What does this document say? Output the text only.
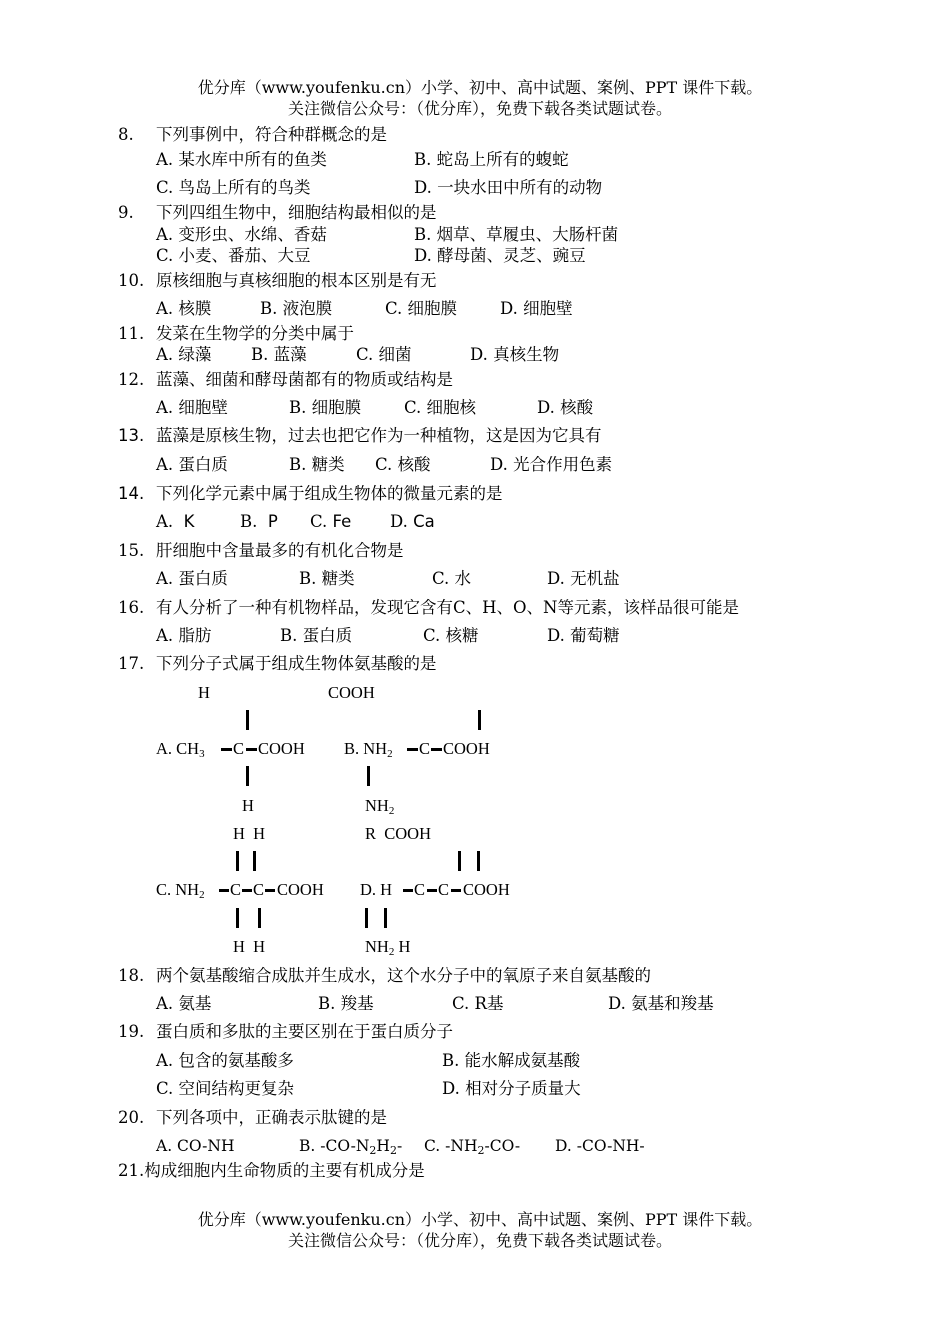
优分库（www.youfenku.cn）小学、初中、高中试题、案例、PPT 课件下载。
关注微信公众号：（优分库），免费下载各类试题试卷。
8. 下列事例中，符合种群概念的是
A. 某水库中所有的鱼类	B. 蛇岛上所有的蝮蛇
C. 鸟岛上所有的鸟类	D. 一块水田中所有的动物
9. 下列四组生物中，细胞结构最相似的是
A. 变形虫、水绵、香菇	B. 烟草、草履虫、大肠杆菌
C. 小麦、番茄、大豆	D. 酵母菌、灵芝、豌豆
10. 原核细胞与真核细胞的根本区别是有无
A. 核膜	B. 液泡膜	C. 细胞膜	D. 细胞壁
11. 发菜在生物学的分类中属于
A. 绿藻 B. 蓝藻	C. 细菌	D. 真核生物
12. 蓝藻、细菌和酵母菌都有的物质或结构是
A. 细胞壁	B. 细胞膜	C. 细胞核	D. 核酸
13. 蓝藻是原核生物，过去也把它作为一种植物，这是因为它具有
A. 蛋白质	B. 糖类 C. 核酸	D. 光合作用色素
14. 下列化学元素中属于组成生物体的微量元素的是
A. K	B. P C. Fe D. Ca
15. 肝细胞中含量最多的有机化合物是
A. 蛋白质	B. 糖类	C. 水	D. 无机盐
16. 有人分析了一种有机物样品，发现它含有C、H、O、N等元素，该样品很可能是
A. 脂肪	B. 蛋白质	C. 核糖	D. 葡萄糖
17. 下列分子式属于组成生物体氨基酸的是
H	COOH
A. $CH_3$ C COOH B. $NH_2$ C COOH
H	$NH_2$
H  H	R  COOH
C. $NH_2$ C C COOH D. H C C COOH
H  H	$NH_2$ H
18. 两个氨基酸缩合成肽并生成水，这个水分子中的氧原子来自氨基酸的
A. 氨基	B. 羧基	C. R基	D. 氨基和羧基
19. 蛋白质和多肽的主要区别在于蛋白质分子
A. 包含的氨基酸多	B. 能水解成氨基酸
C. 空间结构更复杂	D. 相对分子质量大
20. 下列各项中，正确表示肽键的是
A. CO-NH	B. $-CO-N_2H_2-$ C. $-NH_2-CO-$ D. -CO-NH-
21.构成细胞内生命物质的主要有机成分是
优分库（www.youfenku.cn）小学、初中、高中试题、案例、PPT 课件下载。
关注微信公众号：（优分库），免费下载各类试题试卷。
